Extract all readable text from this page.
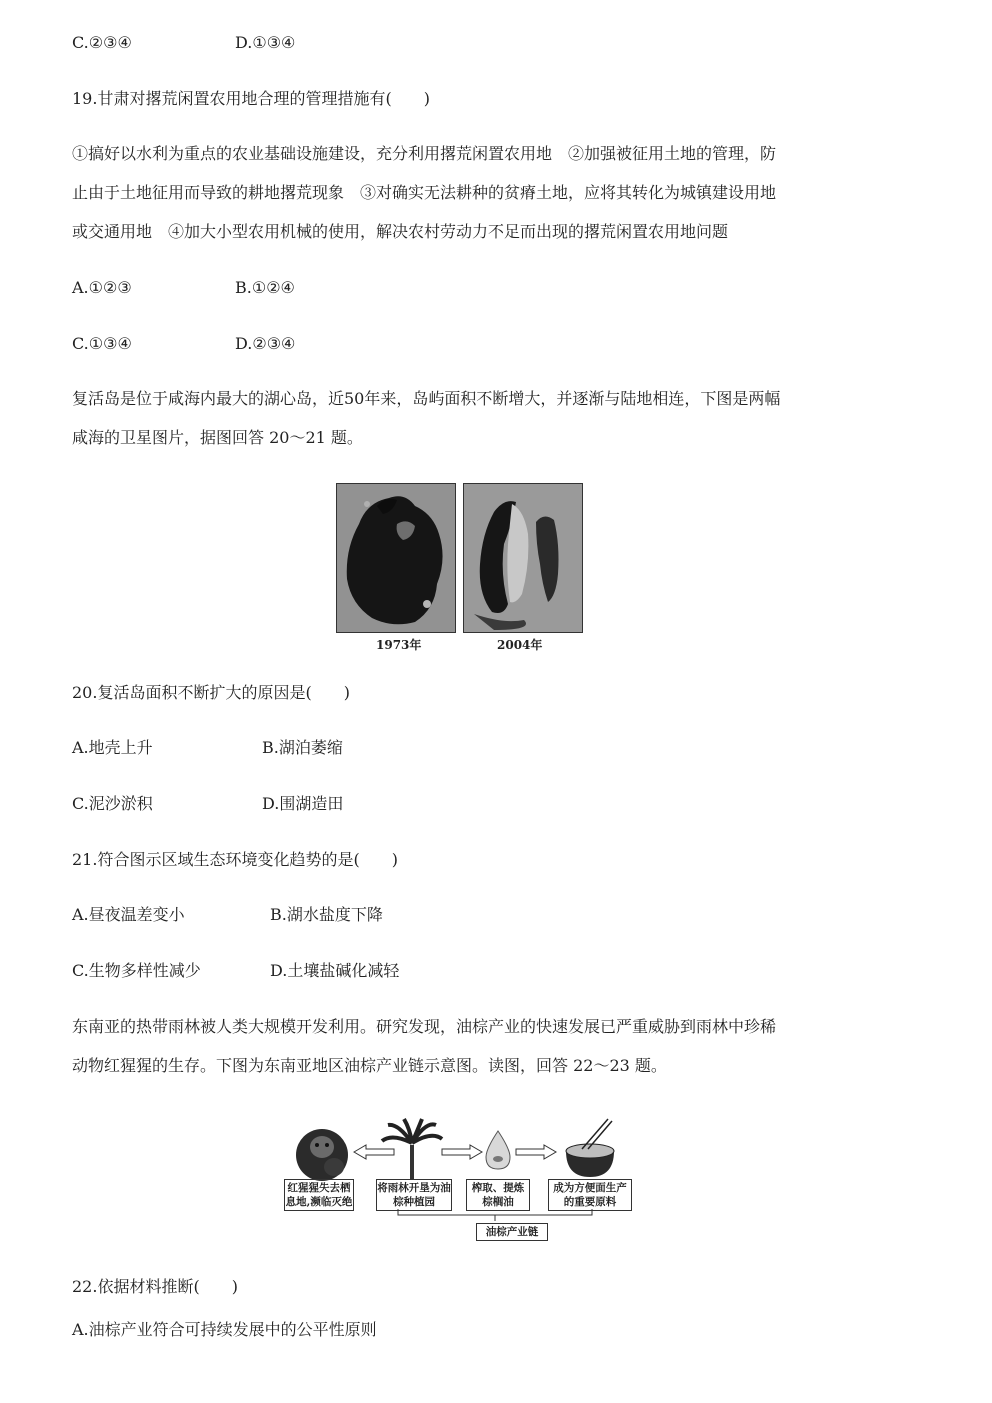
C.②③④	D.①③④
19.甘肃对撂荒闲置农用地合理的管理措施有(　　)
①搞好以水利为重点的农业基础设施建设，充分利用撂荒闲置农用地　②加强被征用土地的管理，防
止由于土地征用而导致的耕地撂荒现象　③对确实无法耕种的贫瘠土地，应将其转化为城镇建设用地
或交通用地　④加大小型农用机械的使用，解决农村劳动力不足而出现的撂荒闲置农用地问题
A.①②③	B.①②④
C.①③④	D.②③④
复活岛是位于咸海内最大的湖心岛，近50年来，岛屿面积不断增大，并逐渐与陆地相连，下图是两幅
咸海的卫星图片，据图回答 20～21 题。
1973年	2004年
20.复活岛面积不断扩大的原因是(　　)
A.地壳上升	B.湖泊萎缩
C.泥沙淤积	D.围湖造田
21.符合图示区域生态环境变化趋势的是(　　)
A.昼夜温差变小	B.湖水盐度下降
C.生物多样性减少	D.土壤盐碱化减轻
东南亚的热带雨林被人类大规模开发利用。研究发现，油棕产业的快速发展已严重威胁到雨林中珍稀
动物红猩猩的生存。下图为东南亚地区油棕产业链示意图。读图，回答 22～23 题。
红猩猩失去栖息地,濒临灭绝
将雨林开垦为油棕种植园
榨取、提炼棕榈油
成为方便面生产的重要原料
油棕产业链
22.依据材料推断(　　)
A.油棕产业符合可持续发展中的公平性原则
